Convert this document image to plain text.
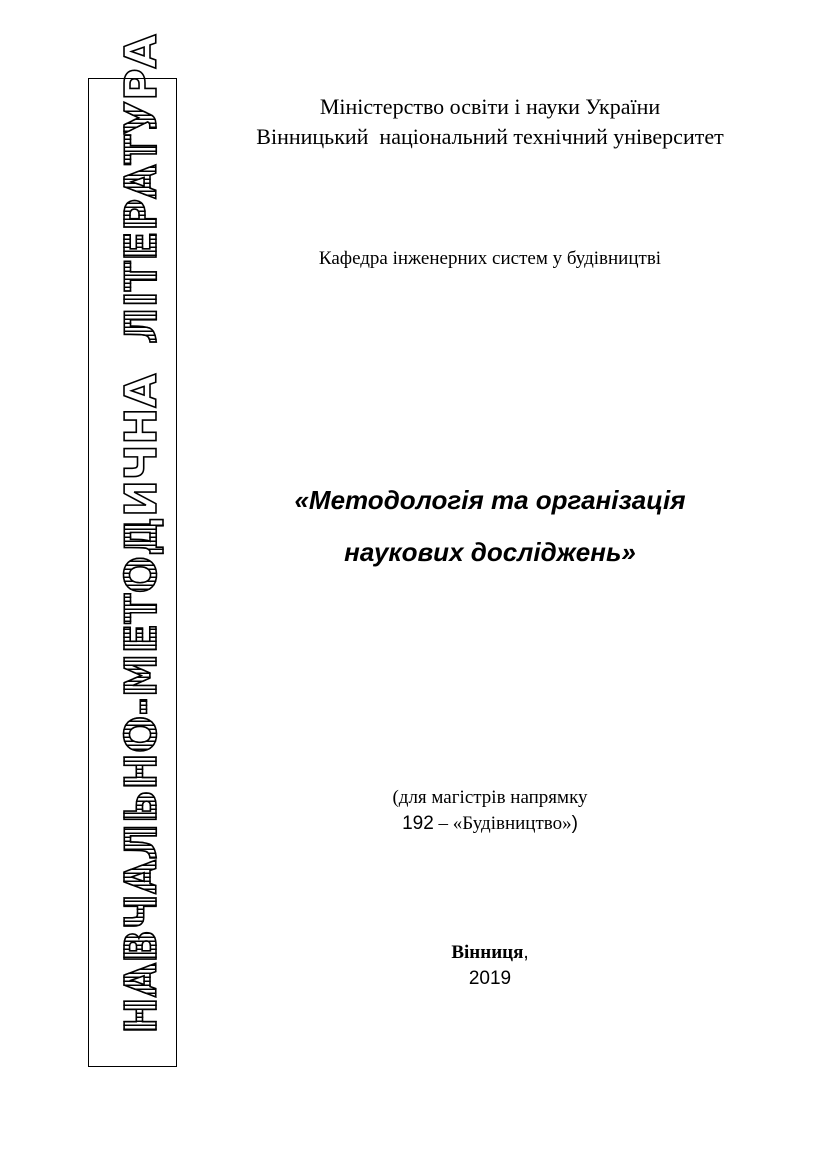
ЛІТЕРАТУРА
НАВЧАЛЬНО-МЕТОДИЧНА
Міністерство освіти і науки України
Вінницький  національний технічний університет
Кафедра інженерних систем у будівництві
«Методологія та організація
наукових досліджень»
(для магістрів напрямку
192 – «Будівництво»)
Вінниця,
2019
